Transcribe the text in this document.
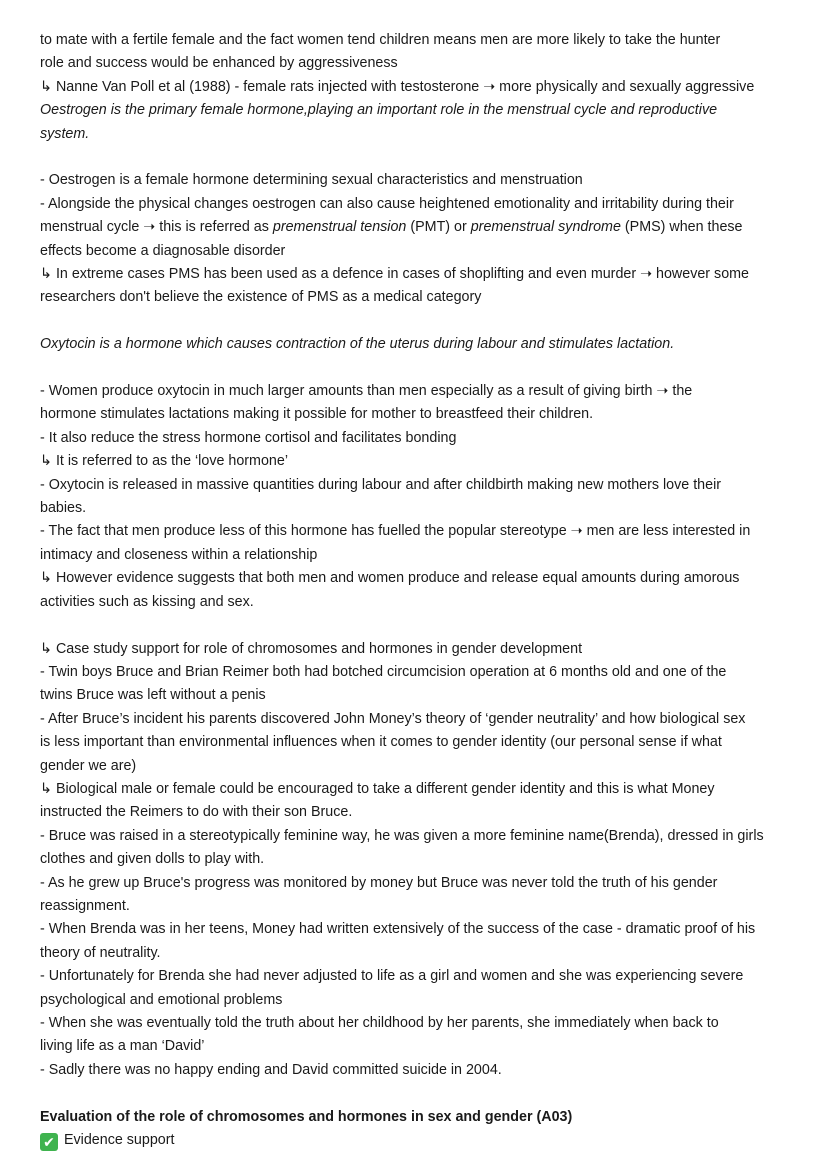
to mate with a fertile female and the fact women tend children means men are more likely to take the hunter
role and success would be enhanced by aggressiveness
↳ Nanne Van Poll et al (1988) - female rats injected with testosterone ➝ more physically and sexually aggressive
Oestrogen is the primary female hormone,playing an important role in the menstrual cycle and reproductive
system.
- Oestrogen is a female hormone determining sexual characteristics and menstruation
- Alongside the physical changes oestrogen can also cause heightened emotionality and irritability during their
menstrual cycle ➝ this is referred as premenstrual tension (PMT) or premenstrual syndrome (PMS) when these
effects become a diagnosable disorder
↳ In extreme cases PMS has been used as a defence in cases of shoplifting and even murder ➝ however some
researchers don't believe the existence of PMS as a medical category
Oxytocin is a hormone which causes contraction of the uterus during labour and stimulates lactation.
- Women produce oxytocin in much larger amounts than men especially as a result of giving birth ➝ the
hormone stimulates lactations making it possible for mother to breastfeed their children.
- It also reduce the stress hormone cortisol and facilitates bonding
↳ It is referred to as the ‘love hormone’
- Oxytocin is released in massive quantities during labour and after childbirth making new mothers love their
babies.
- The fact that men produce less of this hormone has fuelled the popular stereotype ➝ men are less interested in
intimacy and closeness within a relationship
↳ However evidence suggests that both men and women produce and release equal amounts during amorous
activities such as kissing and sex.
↳ Case study support for role of chromosomes and hormones in gender development
- Twin boys Bruce and Brian Reimer both had botched circumcision operation at 6 months old and one of the
twins Bruce was left without a penis
- After Bruce’s incident his parents discovered John Money’s theory of ‘gender neutrality’ and how biological sex
is less important than environmental influences when it comes to gender identity (our personal sense if what
gender we are)
↳ Biological male or female could be encouraged to take a different gender identity and this is what Money
instructed the Reimers to do with their son Bruce.
- Bruce was raised in a stereotypically feminine way, he was given a more feminine name(Brenda), dressed in girls
clothes and given dolls to play with.
- As he grew up Bruce's progress was monitored by money but Bruce was never told the truth of his gender
reassignment.
- When Brenda was in her teens, Money had written extensively of the success of the case - dramatic proof of his
theory of neutrality.
- Unfortunately for Brenda she had never adjusted to life as a girl and women and she was experiencing severe
psychological and emotional problems
- When she was eventually told the truth about her childhood by her parents, she immediately when back to
living life as a man ‘David’
- Sadly there was no happy ending and David committed suicide in 2004.
Evaluation of the role of chromosomes and hormones in sex and gender (A03)
✔ Evidence support
